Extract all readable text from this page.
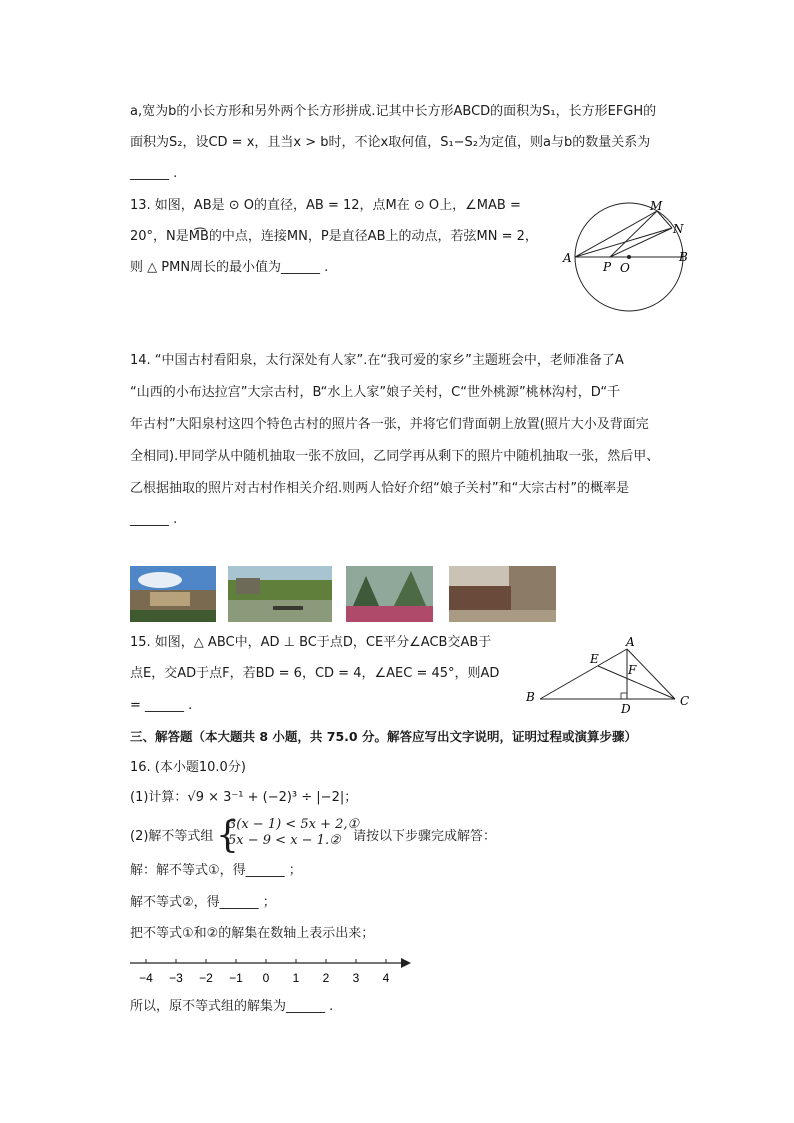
a,宽为b的小长方形和另外两个长方形拼成.记其中长方形ABCD的面积为S₁，长方形EFGH的
面积为S₂，设CD = x，且当x > b时，不论x取何值，S₁−S₂为定值，则a与b的数量关系为
______ .
13. 如图，AB是 ⊙ O的直径，AB = 12，点M在 ⊙ O上，∠MAB =
20°，N是M͡B的中点，连接MN，P是直径AB上的动点，若弦MN = 2，
则 △ PMN周长的最小值为______ .
M
N
A	B
P O
14. “中国古村看阳泉，太行深处有人家”.在“我可爱的家乡”主题班会中，老师准备了A
“山西的小布达拉宫”大宗古村，B“水上人家”娘子关村，C“世外桃源”桃林沟村，D“千
年古村”大阳泉村这四个特色古村的照片各一张，并将它们背面朝上放置(照片大小及背面完
全相同).甲同学从中随机抽取一张不放回，乙同学再从剩下的照片中随机抽取一张，然后甲、
乙根据抽取的照片对古村作相关介绍.则两人恰好介绍“娘子关村”和“大宗古村”的概率是
______ .
15. 如图，△ ABC中，AD ⊥ BC于点D，CE平分∠ACB交AB于
点E，交AD于点F，若BD = 6，CD = 4，∠AEC = 45°，则AD
= ______ .
A
E
F
B
D
C
三、解答题（本大题共 8 小题，共 75.0 分。解答应写出文字说明，证明过程或演算步骤）
16. (本小题10.0分)
(1)计算：√9 × 3⁻¹ + (−2)³ ÷ |−2|；
(2)解不等式组 {
3(x − 1) < 5x + 2,①
5x − 9 < x − 1.② 请按以下步骤完成解答：
解：解不等式①，得______ ；
解不等式②，得______ ；
把不等式①和②的解集在数轴上表示出来；
−4 −3 −2 −1 0 1 2 3 4
所以，原不等式组的解集为______ .
